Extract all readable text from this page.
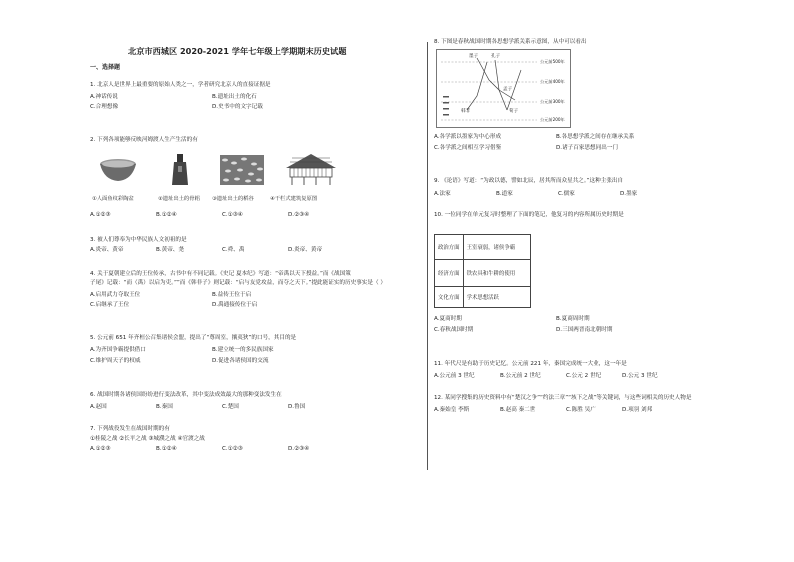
北京市西城区 2020-2021 学年七年级上学期期末历史试题
一、选择题
1. 北京人是世界上最重要的原始人类之一，学者研究北京人的直接证据是
A.神话传说	B.遗址出土的化石
C.合理想像	D.史书中的文字记载
2. 下列各项能够反映河姆渡人生产生活的有
①人面鱼纹彩陶盆	②遗址出土的骨耜 ③遗址出土的稻谷	④干栏式建筑复原图
A.①②③	B.①②④	C.①③④	D.②③④
3. 被人们尊奉为中华民族人文初祖的是
A.炎帝、黄帝	B.黄帝、尧	C.舜、禹	D.炎帝、黄帝
4. 关于夏朝建立后的王位传承，古书中有不同记载。《史记 夏本纪》写道：“帝禹以天下授益。”而《战国策
子尾》记载：“而（禹）以启为吏。””而《韩非子》则记载：“启与友党攻益，而夺之天下。”提此能证实的历史事实是（ ）
A.启用武力夺取王位	B.益传王位于启
C.启继承了王位	D.禹通接传位于启
5. 公元前 651 年齐桓公召集诸侯会盟，提出了“尊周室，攘夷狄”的口号，其目的是
A.为齐国争霸提供借口	B.建立统一的多民族国家
C.维护周天子的权威	D.促进各诸侯国的交流
6. 战国时期各诸侯国纷纷进行变法改革，其中变法成效最大的那种变法发生在
A.赵国	B.秦国	C.楚国	D.鲁国
7. 下列战役发生在战国时期的有
①桂陵之战 ②长平之战 ③城濮之战 ④官渡之战
A.①②③	B.①②④	C.①②③	D.②③④
8. 下图是春秋战国时期各思想学派关系示意图，从中可以看出
墨子	孔子
孟子
荀子
韩非
公元前500年
公元前400年
公元前300年
公元前200年
A.各学派以墨家为中心形成	B.各思想学派之间存在继承关系
C.各学派之间相互学习借鉴	D.诸子百家思想同出一门
9. 《论语》写道：“为政以德，譬如北辰，居其所而众星共之。”这种主张出自
A.法家	B.道家	C.儒家	D.墨家
10. 一位同学在单元复习时整理了下面的笔记，他复习的内容所属历史时期是
政治方面	王室衰弱，诸侯争霸
经济方面	铁农具和牛耕的使用
文化方面	学术思想活跃
A.夏商时期	B.夏商周时期
C.春秋战国时期	D.三国两晋南北朝时期
11. 年代尺是有助于历史记忆。公元前 221 年，秦国完成统一大业，这一年是
A.公元前 3 世纪	B.公元前 2 世纪	C.公元 2 世纪	D.公元 3 世纪
12. 某同学搜集的历史资料中有“楚汉之争”“约法三章”“垓下之战”等关键词，与这些词相关的历史人物是
A.秦始皇 李斯	B.赵高 秦二世	C.陈胜 吴广	D.项羽 刘邦
